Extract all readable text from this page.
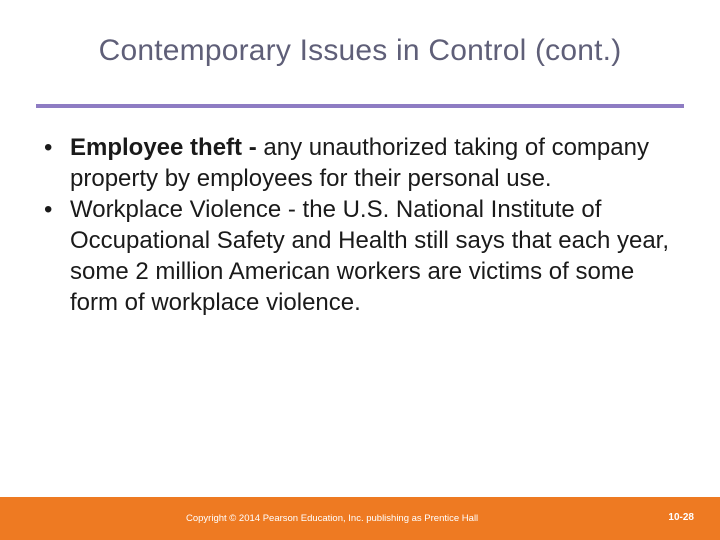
Contemporary Issues in Control (cont.)
• Employee theft - any unauthorized taking of company property by employees for their personal use.
• Workplace Violence - the U.S. National Institute of Occupational Safety and Health still says that each year, some 2 million American workers are victims of some form of workplace violence.
Copyright © 2014 Pearson Education, Inc. publishing as Prentice Hall	10-28
